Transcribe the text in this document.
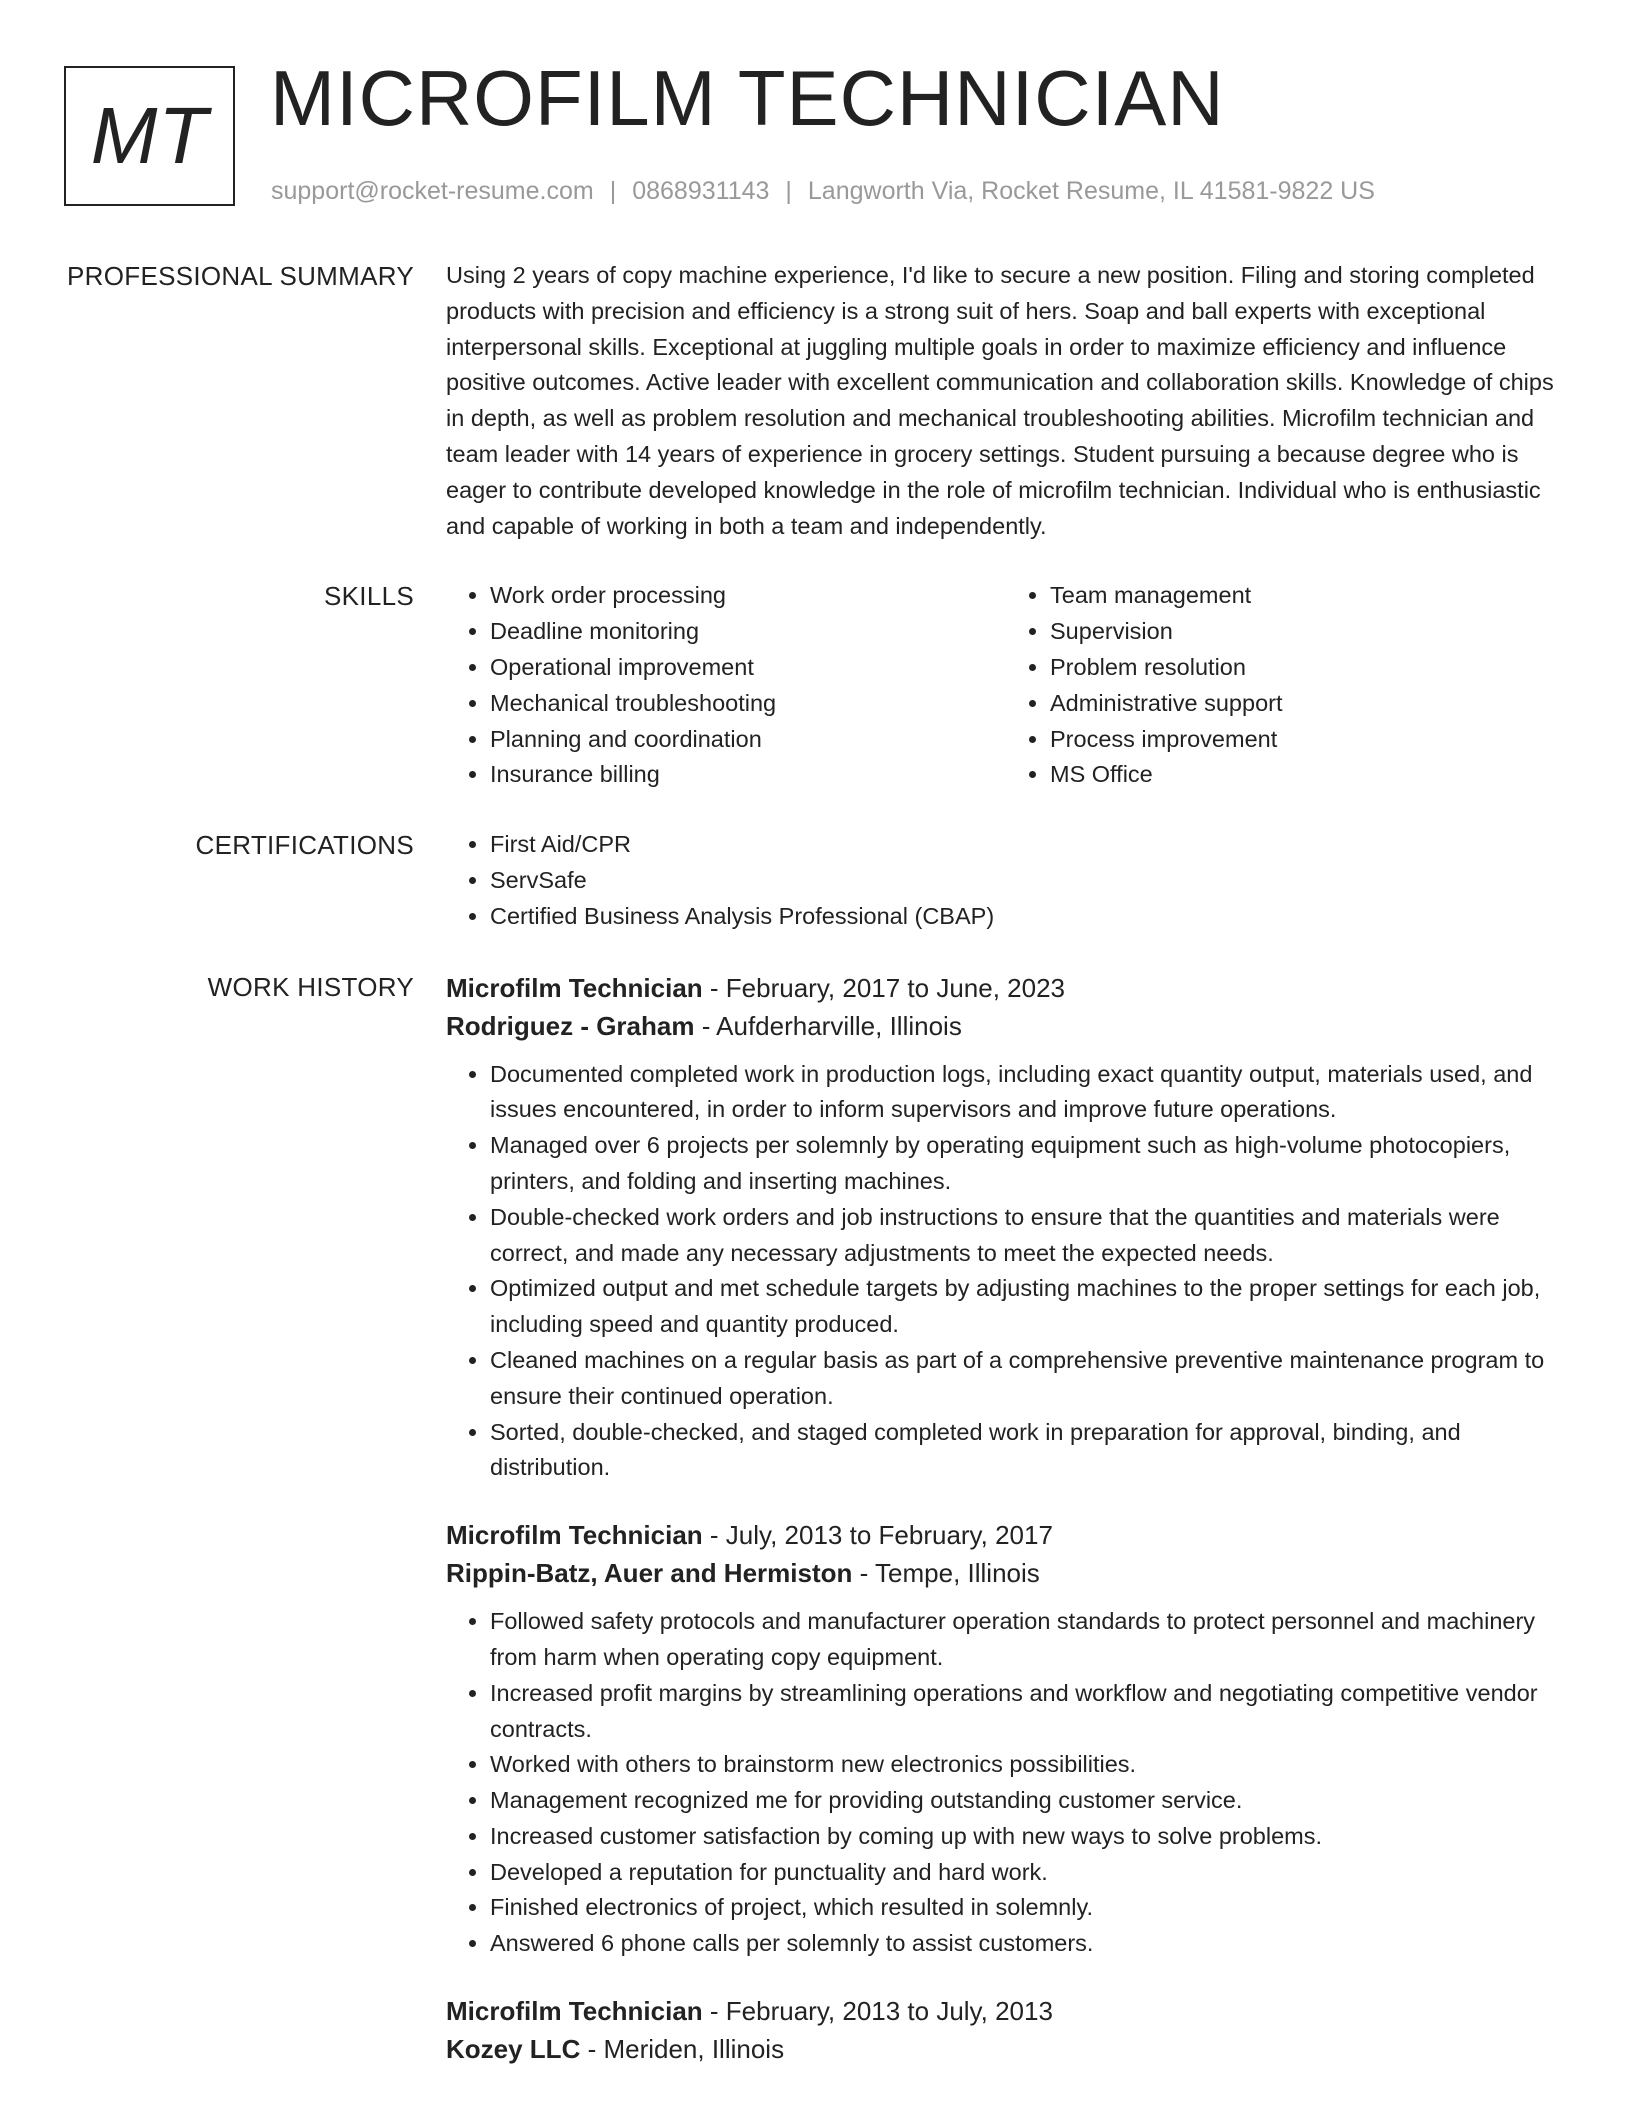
MT MICROFILM TECHNICIAN
support@rocket-resume.com | 0868931143 | Langworth Via, Rocket Resume, IL 41581-9822 US
PROFESSIONAL SUMMARY Using 2 years of copy machine experience, I'd like to secure a new position. Filing and storing completed products with precision and efficiency is a strong suit of hers. Soap and ball experts with exceptional interpersonal skills. Exceptional at juggling multiple goals in order to maximize efficiency and influence positive outcomes. Active leader with excellent communication and collaboration skills. Knowledge of chips in depth, as well as problem resolution and mechanical troubleshooting abilities. Microfilm technician and team leader with 14 years of experience in grocery settings. Student pursuing a because degree who is eager to contribute developed knowledge in the role of microfilm technician. Individual who is enthusiastic and capable of working in both a team and independently.

SKILLS	• Work order processing
• Deadline monitoring
• Operational improvement
• Mechanical troubleshooting
• Planning and coordination
• Insurance billing
• Team management
• Supervision
• Problem resolution
• Administrative support
• Process improvement
• MS Office
CERTIFICATIONS	• First Aid/CPR
• ServSafe
• Certified Business Analysis Professional (CBAP)
WORK HISTORY Microfilm Technician - February, 2017 to June, 2023
Rodriguez - Graham - Aufderharville, Illinois
• Documented completed work in production logs, including exact quantity output, materials used, and issues encountered, in order to inform supervisors and improve future operations.
• Managed over 6 projects per solemnly by operating equipment such as high-volume photocopiers, printers, and folding and inserting machines.
• Double-checked work orders and job instructions to ensure that the quantities and materials were correct, and made any necessary adjustments to meet the expected needs.
• Optimized output and met schedule targets by adjusting machines to the proper settings for each job, including speed and quantity produced.
• Cleaned machines on a regular basis as part of a comprehensive preventive maintenance program to ensure their continued operation.
• Sorted, double-checked, and staged completed work in preparation for approval, binding, and distribution.
Microfilm Technician - July, 2013 to February, 2017
Rippin-Batz, Auer and Hermiston - Tempe, Illinois
• Followed safety protocols and manufacturer operation standards to protect personnel and machinery from harm when operating copy equipment.
• Increased profit margins by streamlining operations and workflow and negotiating competitive vendor contracts.
• Worked with others to brainstorm new electronics possibilities.
• Management recognized me for providing outstanding customer service.
• Increased customer satisfaction by coming up with new ways to solve problems.
• Developed a reputation for punctuality and hard work.
• Finished electronics of project, which resulted in solemnly.
• Answered 6 phone calls per solemnly to assist customers.
Microfilm Technician - February, 2013 to July, 2013
Kozey LLC - Meriden, Illinois
